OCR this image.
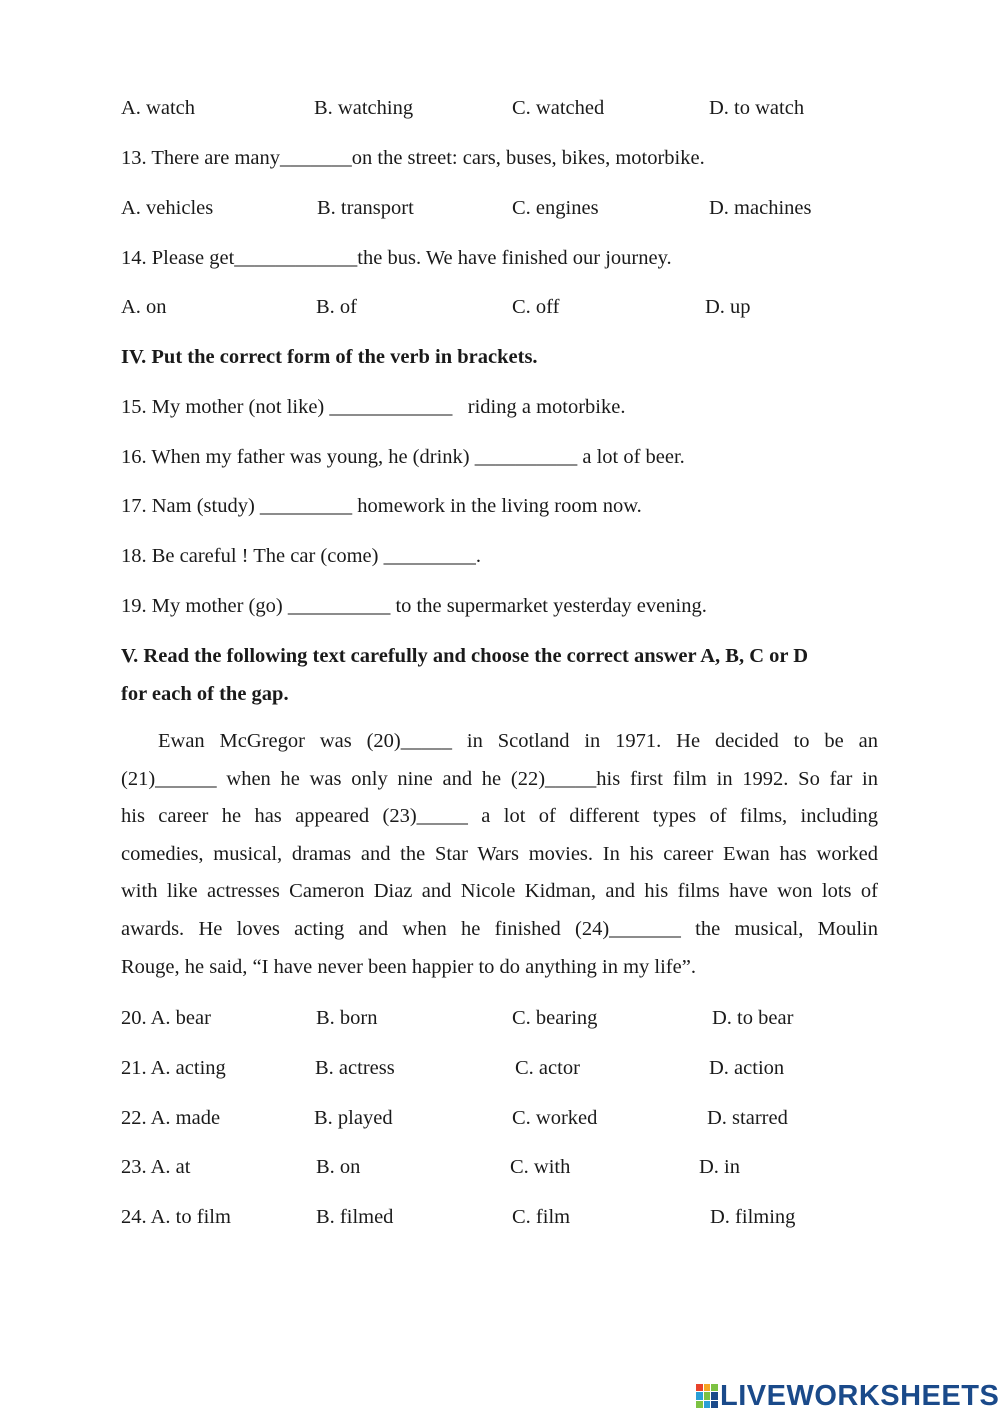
A. watch	B. watching	C. watched	D. to watch
13. There are many_______on the street: cars, buses, bikes, motorbike.
A. vehicles	B. transport	C. engines	D. machines
14. Please get____________the bus. We have finished our journey.
A. on	B. of	C. off	D. up
IV. Put the correct form of the verb in brackets.
15. My mother (not like) ____________   riding a motorbike.
16. When my father was young, he (drink) __________ a lot of beer.
17. Nam (study) _________ homework in the living room now.
18. Be careful ! The car (come) _________.
19. My mother (go) __________ to the supermarket yesterday evening.
V. Read the following text carefully and choose the correct answer A, B, C or D
for each of the gap.
Ewan McGregor was (20)_____ in Scotland in 1971. He decided to be an
(21)______ when he was only nine and he (22)_____his first film in 1992. So far in
his career he has appeared (23)_____ a lot of different types of films, including
comedies, musical, dramas and the Star Wars movies. In his career Ewan has worked
with like actresses Cameron Diaz and Nicole Kidman, and his films have won lots of
awards. He loves acting and when he finished (24)_______ the musical, Moulin
Rouge, he said, “I have never been happier to do anything in my life”.
20. A. bear	B. born	C. bearing	D. to bear
21. A. acting	B. actress	C. actor	D. action
22. A. made	B. played	C. worked	D. starred
23. A. at	B. on	C. with	D. in
24. A. to film	B. filmed	C. film	D. filming
LIVEWORKSHEETS
